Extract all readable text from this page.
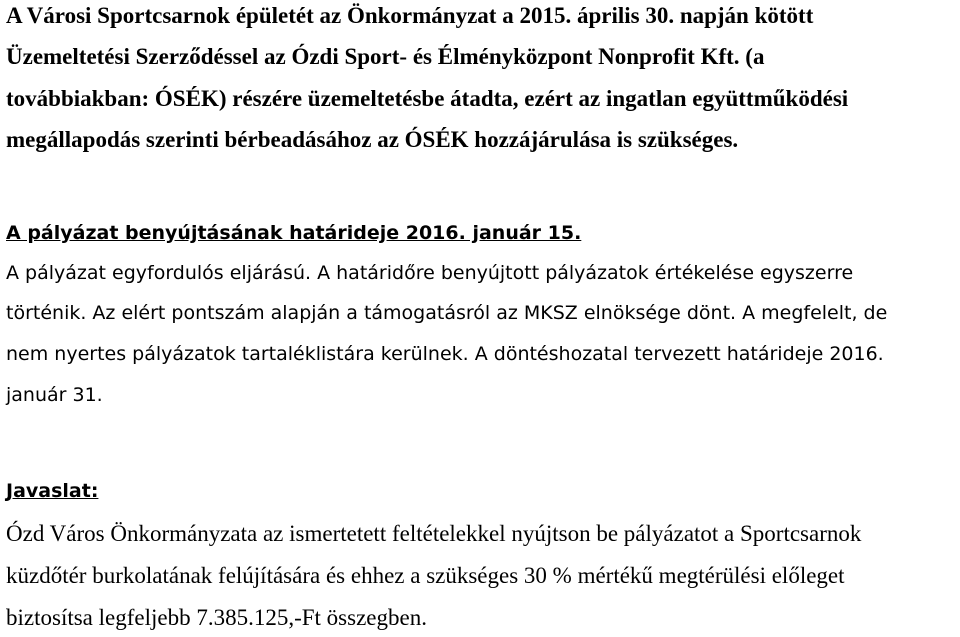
A Városi Sportcsarnok épületét az Önkormányzat a 2015. április 30. napján kötött
Üzemeltetési Szerződéssel az Ózdi Sport- és Élményközpont Nonprofit Kft. (a
továbbiakban: ÓSÉK) részére üzemeltetésbe átadta, ezért az ingatlan együttműködési
megállapodás szerinti bérbeadásához az ÓSÉK hozzájárulása is szükséges.
A pályázat benyújtásának határideje 2016. január 15.
A pályázat egyfordulós eljárású. A határidőre benyújtott pályázatok értékelése egyszerre
történik. Az elért pontszám alapján a támogatásról az MKSZ elnöksége dönt. A megfelelt, de
nem nyertes pályázatok tartaléklistára kerülnek. A döntéshozatal tervezett határideje 2016.
január 31.
Javaslat:
Ózd Város Önkormányzata az ismertetett feltételekkel nyújtson be pályázatot a Sportcsarnok
küzdőtér burkolatának felújítására és ehhez a szükséges 30 % mértékű megtérülési előleget
biztosítsa legfeljebb 7.385.125,-Ft összegben.
